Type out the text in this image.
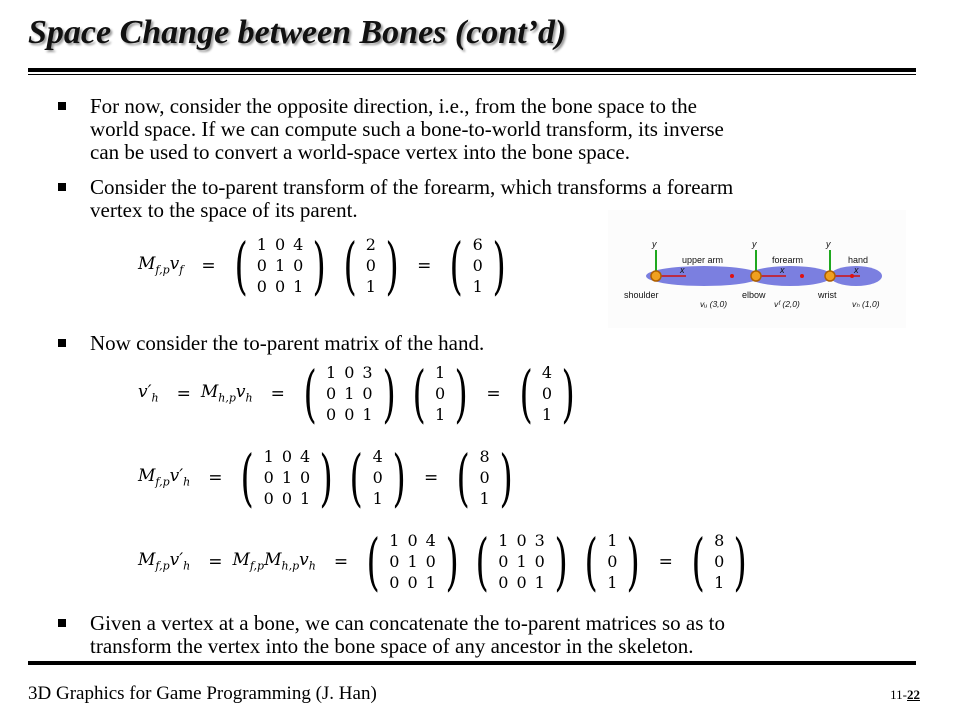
Space Change between Bones (cont’d)
For now, consider the opposite direction, i.e., from the bone space to the
world space. If we can compute such a bone-to-world transform, its inverse
can be used to convert a world-space vertex into the bone space.
Consider the to-parent transform of the forearm, which transforms a forearm
vertex to the space of its parent.
$M_{f,p}v_f$ = ( 1	0	4
0	1	0
0	0	1 ) ( 2
0
1 ) = ( 6
0
1 )	y	y	y
x	x	x
upper arm	forearm	hand
shoulder	elbow	wrist
vᵤ (3,0)	vᶠ (2,0)	vₕ (1,0)
Now consider the to-parent matrix of the hand.
$v'_h = M_{h,p}v_h$ = ( 1	0	3
0	1	0
0	0	1 ) ( 1
0
1 ) = ( 4
0
1 )
$M_{f,p}v'_h$ = ( 1	0	4
0	1	0
0	0	1 ) ( 4
0
1 ) = ( 8
0
1 )
$M_{f,p}v'_h = M_{f,p}M_{h,p}v_h$ = ( 1	0	4
0	1	0
0	0	1 ) ( 1	0	3
0	1	0
0	0	1 ) ( 1
0
1 ) = ( 8
0
1 )
Given a vertex at a bone, we can concatenate the to-parent matrices so as to
transform the vertex into the bone space of any ancestor in the skeleton.
3D Graphics for Game Programming (J. Han)	11-22
